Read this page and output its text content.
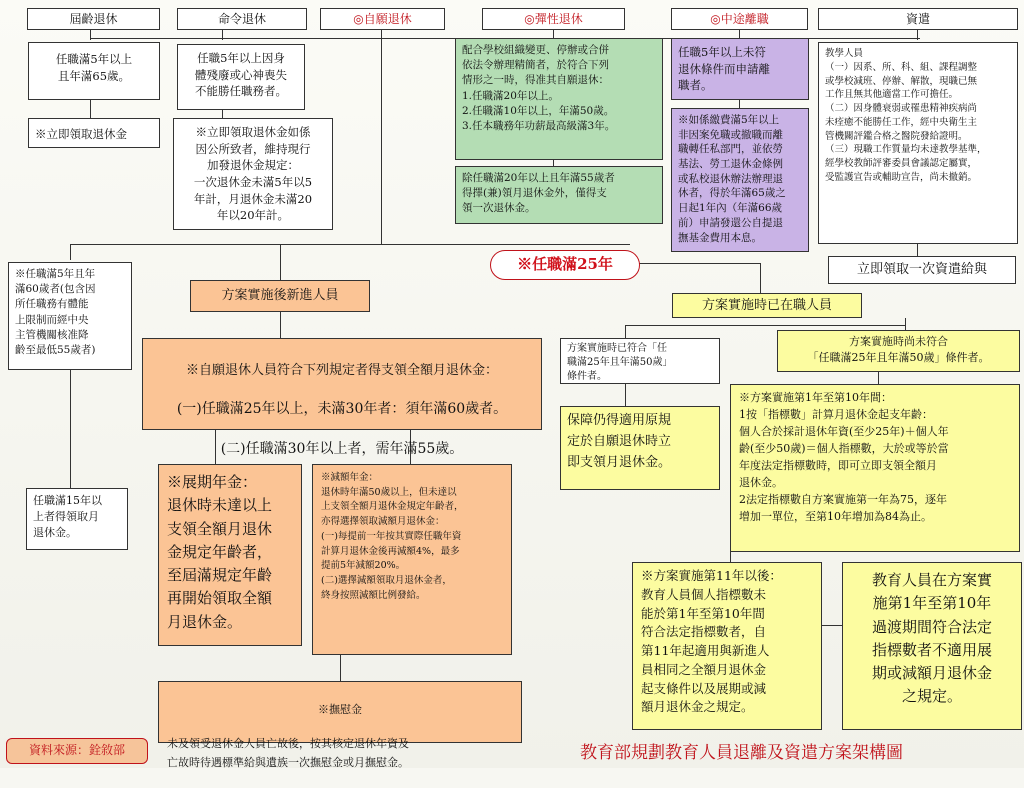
屆齡退休	命令退休	◎自願退休	◎彈性退休	◎中途離職	資遣
任職滿5年以上
且年滿65歲。
※立即領取退休金
任職5年以上因身
體殘廢或心神喪失
不能勝任職務者。
※立即領取退休金如係
因公所致者，維持現行
加發退休金規定：
一次退休金未滿5年以5
年計，月退休金未滿20
年以20年計。
配合學校組織變更、停辦或合併
依法令辦理精簡者，於符合下列
情形之一時，得准其自願退休：
1.任職滿20年以上。
2.任職滿10年以上，年滿50歲。
3.任本職務年功薪最高級滿3年。
除任職滿20年以上且年滿55歲者
得擇(兼)領月退休金外，僅得支
領一次退休金。
任職5年以上未符
退休條件而申請離
職者。
※如係繳費滿5年以上
非因案免職或撤職而離
職轉任私部門，並依勞
基法、勞工退休金條例
或私校退休辦法辦理退
休者，得於年滿65歲之
日起1年內（年滿66歲
前）申請發還公自提退
撫基金費用本息。
教學人員
（一）因系、所、科、組、課程調整
或學校減班、停辦、解散，現職已無
工作且無其他適當工作可擔任。
（二）因身體衰弱或罹患精神疾病尚
未痊癒不能勝任工作，經中央衛生主
管機關評鑑合格之醫院發給證明。
（三）現職工作質量均未達教學基準，
經學校教師評審委員會議認定屬實，
受監護宣告或輔助宣告，尚未撤銷。
立即領取一次資遣給與
※任職滿5年且年
滿60歲者(包含因
所任職務有體能
上限制而經中央
主管機關核准降
齡至最低55歲者)
任職滿15年以
上者得領取月
退休金。
※任職滿25年
方案實施後新進人員

※自願退休人員符合下列規定者得支領全額月退休金：

(一)任職滿25年以上，未滿30年者：須年滿60歲者。

(二)任職滿30年以上者，需年滿55歲。

※展期年金：
退休時未達以上
支領全額月退休
金規定年齡者，
至屆滿規定年齡
再開始領取全額
月退休金。
※減額年金：
退休時年滿50歲以上，但未達以
上支領全額月退休金規定年齡者，
亦得選擇領取減額月退休金：
(一)每提前一年按其實際任職年資
計算月退休金後再減額4%，最多
提前5年減額20%。
(二)選擇減額領取月退休金者，
終身按照減額比例發給。

※撫慰金

未及領受退休金人員亡故後，按其核定退休年資及
亡故時待遇標準給與遺族一次撫慰金或月撫慰金。

方案實施時已在職人員
方案實施時已符合「任
職滿25年且年滿50歲」
條件者。
保障仍得適用原規
定於自願退休時立
即支領月退休金。
方案實施時尚未符合
「任職滿25年且年滿50歲」條件者。
※方案實施第1年至第10年間：
1按「指標數」計算月退休金起支年齡：
個人合於採計退休年資(至少25年)＋個人年
齡(至少50歲)＝個人指標數，大於或等於當
年度法定指標數時，即可立即支領全額月
退休金。
2法定指標數自方案實施第一年為75，逐年
增加一單位，至第10年增加為84為止。
※方案實施第11年以後：
教育人員個人指標數未
能於第1年至第10年間
符合法定指標數者，自
第11年起適用與新進人
員相同之全額月退休金
起支條件以及展期或減
額月退休金之規定。
教育人員在方案實
施第1年至第10年
過渡期間符合法定
指標數者不適用展
期或減額月退休金
之規定。
資料來源：銓敘部	教育部規劃教育人員退離及資遣方案架構圖
